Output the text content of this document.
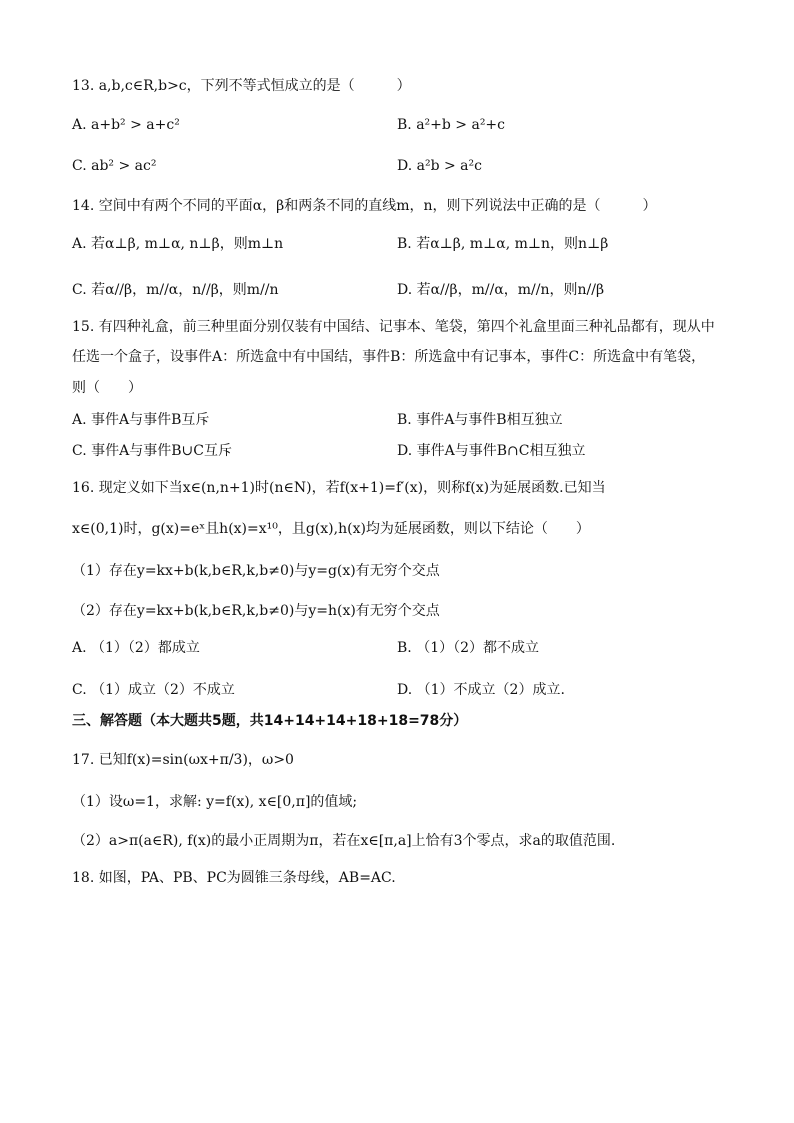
13. a,b,c∈R,b>c，下列不等式恒成立的是（　　　）
A. a+b² > a+c²	B. a²+b > a²+c
C. ab² > ac²	D. a²b > a²c
14. 空间中有两个不同的平面α，β和两条不同的直线m，n，则下列说法中正确的是（　　　）
A. 若α⊥β, m⊥α, n⊥β，则m⊥n	B. 若α⊥β, m⊥α, m⊥n，则n⊥β
C. 若α//β，m//α，n//β，则m//n	D. 若α//β，m//α，m//n，则n//β
15. 有四种礼盒，前三种里面分别仅装有中国结、记事本、笔袋，第四个礼盒里面三种礼品都有，现从中
任选一个盒子，设事件A：所选盒中有中国结，事件B：所选盒中有记事本，事件C：所选盒中有笔袋，
则（　　）
A. 事件A与事件B互斥	B. 事件A与事件B相互独立
C. 事件A与事件B∪C互斥	D. 事件A与事件B∩C相互独立
16. 现定义如下当x∈(n,n+1)时(n∈N)，若f(x+1)=f′(x)，则称f(x)为延展函数.已知当
x∈(0,1)时，g(x)=eˣ且h(x)=x¹⁰，且g(x),h(x)均为延展函数，则以下结论（　　）
（1）存在y=kx+b(k,b∈R,k,b≠0)与y=g(x)有无穷个交点
（2）存在y=kx+b(k,b∈R,k,b≠0)与y=h(x)有无穷个交点
A. （1）（2）都成立	B. （1）（2）都不成立
C. （1）成立（2）不成立	D. （1）不成立（2）成立.
三、解答题（本大题共5题，共14+14+14+18+18=78分）
17. 已知f(x)=sin(ωx+π/3)，ω>0
（1）设ω=1，求解: y=f(x), x∈[0,π]的值域;
（2）a>π(a∈R), f(x)的最小正周期为π，若在x∈[π,a]上恰有3个零点，求a的取值范围.
18. 如图，PA、PB、PC为圆锥三条母线，AB=AC.
